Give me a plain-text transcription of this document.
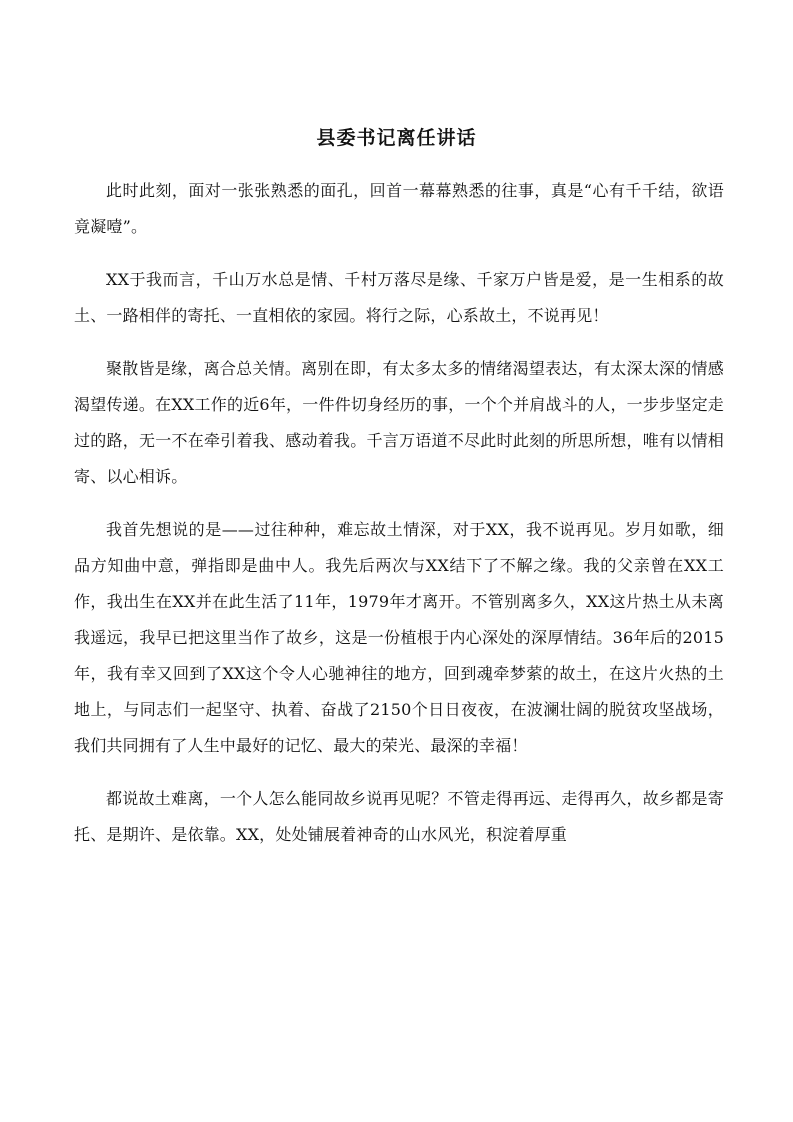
县委书记离任讲话

此时此刻，面对一张张熟悉的面孔，回首一幕幕熟悉的往事，真是“心有千千结，欲语竟凝噎”。

XX于我而言，千山万水总是情、千村万落尽是缘、千家万户皆是爱，是一生相系的故土、一路相伴的寄托、一直相依的家园。将行之际，心系故土，不说再见！

聚散皆是缘，离合总关情。离别在即，有太多太多的情绪渴望表达，有太深太深的情感渴望传递。在XX工作的近6年，一件件切身经历的事，一个个并肩战斗的人，一步步坚定走过的路，无一不在牵引着我、感动着我。千言万语道不尽此时此刻的所思所想，唯有以情相寄、以心相诉。

我首先想说的是——过往种种，难忘故土情深，对于XX，我不说再见。岁月如歌，细品方知曲中意，弹指即是曲中人。我先后两次与XX结下了不解之缘。我的父亲曾在XX工作，我出生在XX并在此生活了11年，1979年才离开。不管别离多久，XX这片热土从未离我遥远，我早已把这里当作了故乡，这是一份植根于内心深处的深厚情结。36年后的2015年，我有幸又回到了XX这个令人心驰神往的地方，回到魂牵梦萦的故土，在这片火热的土地上，与同志们一起坚守、执着、奋战了2150个日日夜夜，在波澜壮阔的脱贫攻坚战场，我们共同拥有了人生中最好的记忆、最大的荣光、最深的幸福！

都说故土难离，一个人怎么能同故乡说再见呢？不管走得再远、走得再久，故乡都是寄托、是期许、是依靠。XX，处处铺展着神奇的山水风光，积淀着厚重
